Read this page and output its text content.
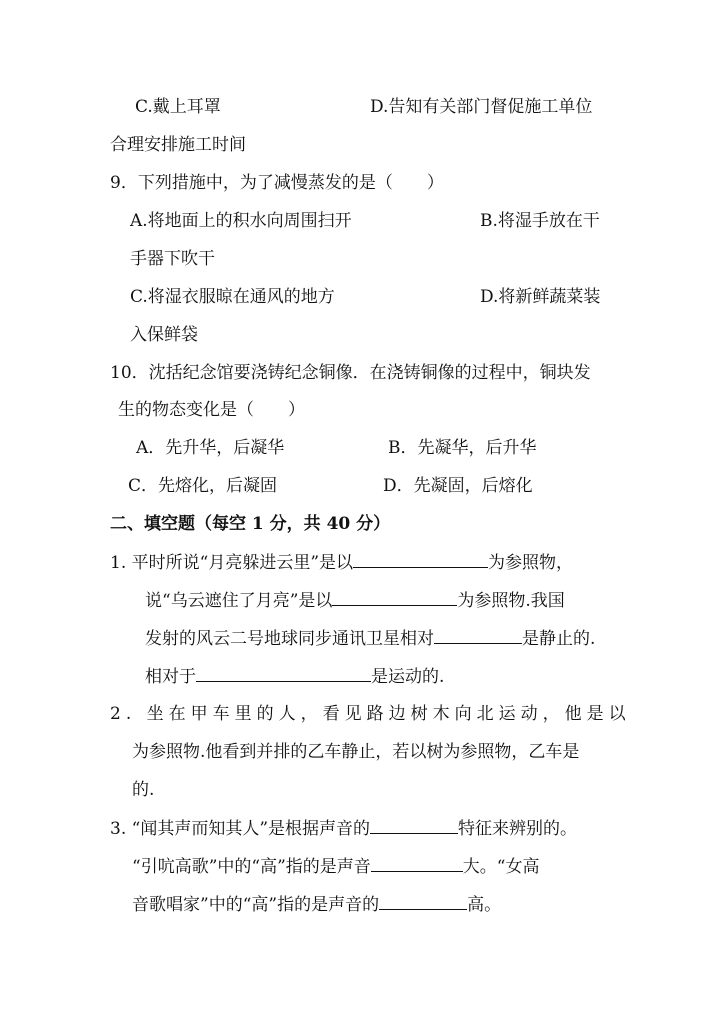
C.戴上耳罩	D.告知有关部门督促施工单位
合理安排施工时间
9．下列措施中，为了减慢蒸发的是（　　）
A.将地面上的积水向周围扫开	B.将湿手放在干
手器下吹干
C.将湿衣服晾在通风的地方	D.将新鲜蔬菜装
入保鲜袋
10．沈括纪念馆要浇铸纪念铜像．在浇铸铜像的过程中，铜块发
生的物态变化是（　　）
A．先升华，后凝华	B．先凝华，后升华
C．先熔化，后凝固	D．先凝固，后熔化
二、填空题（每空 1 分，共 40 分）
1. 平时所说“月亮躲进云里”是以	为参照物，
说“乌云遮住了月亮”是以	为参照物.我国
发射的风云二号地球同步通讯卫星相对	是静止的.
相对于	是运动的.
2. 坐在甲车里的人，看见路边树木向北运动，他是以
为参照物.他看到并排的乙车静止，若以树为参照物，乙车是
的.
3. “闻其声而知其人”是根据声音的	特征来辨别的。
“引吭高歌”中的“高”指的是声音	大。“女高
音歌唱家”中的“高”指的是声音的	高。
